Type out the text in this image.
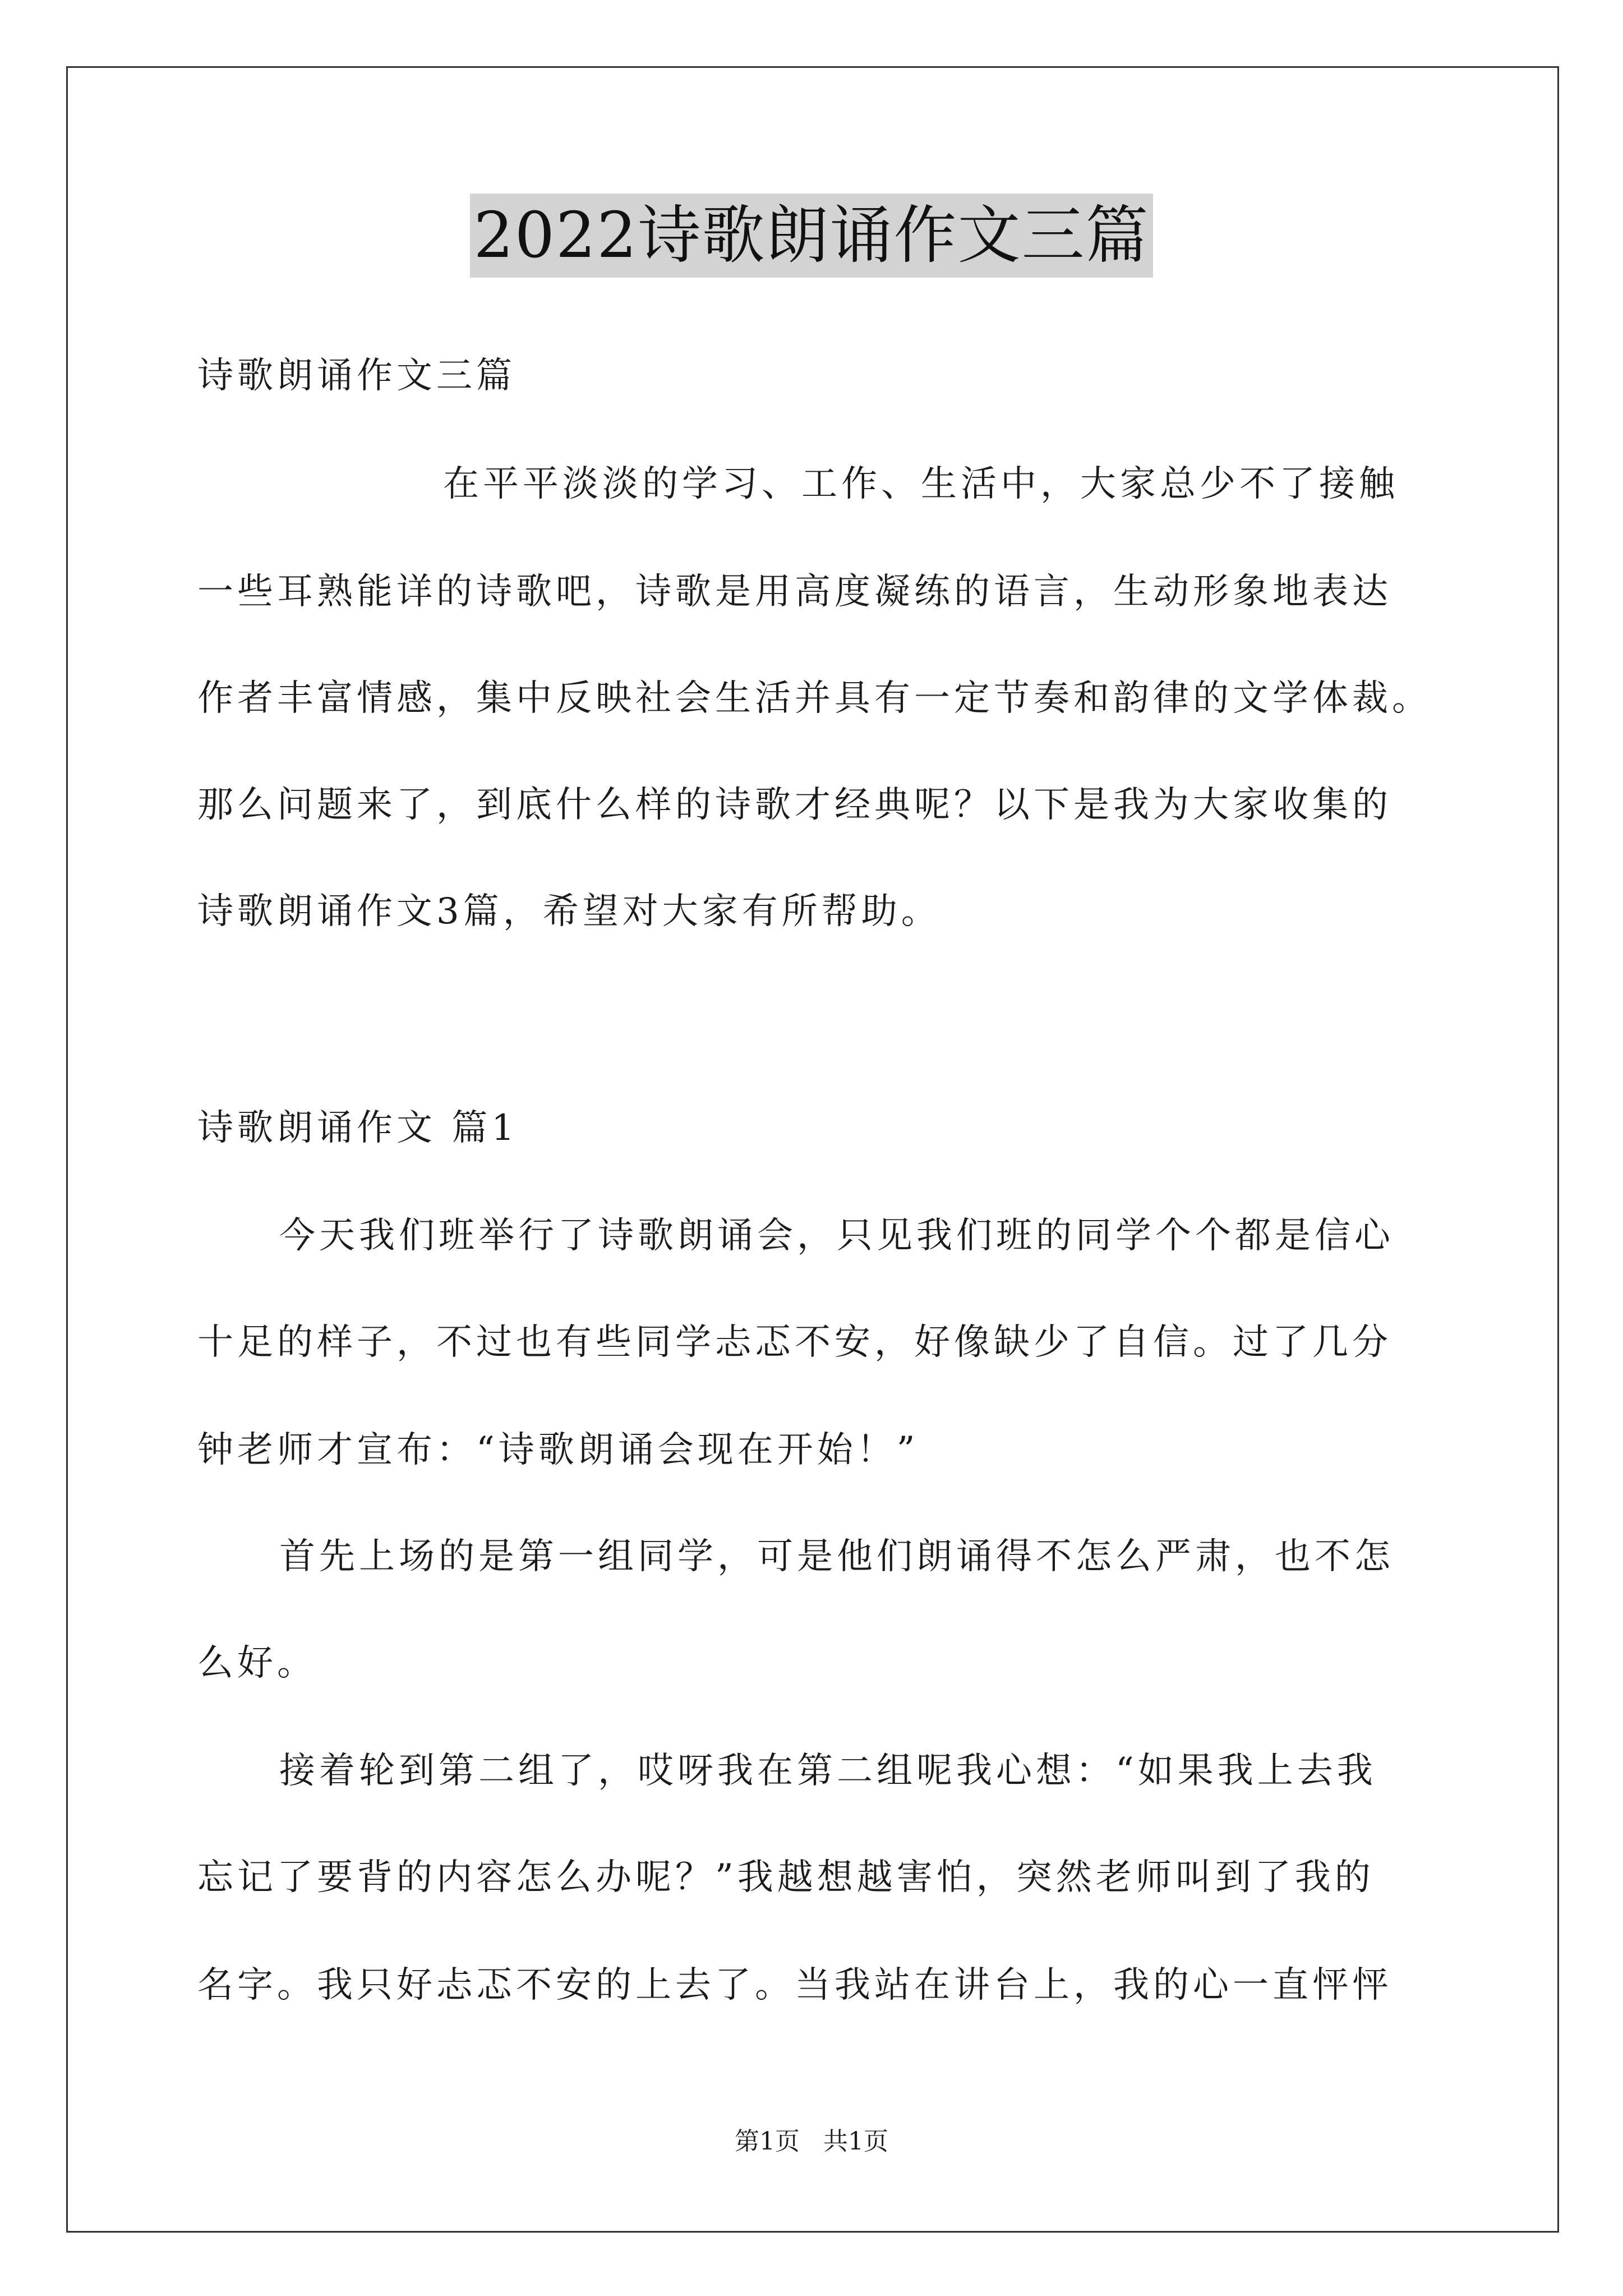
2022诗歌朗诵作文三篇
诗歌朗诵作文三篇
在平平淡淡的学习、工作、生活中，大家总少不了接触
一些耳熟能详的诗歌吧，诗歌是用高度凝练的语言，生动形象地表达
作者丰富情感，集中反映社会生活并具有一定节奏和韵律的文学体裁。
那么问题来了，到底什么样的诗歌才经典呢？以下是我为大家收集的
诗歌朗诵作文3篇，希望对大家有所帮助。
诗歌朗诵作文 篇1
今天我们班举行了诗歌朗诵会，只见我们班的同学个个都是信心
十足的样子，不过也有些同学忐忑不安，好像缺少了自信。过了几分
钟老师才宣布：“诗歌朗诵会现在开始！”
首先上场的是第一组同学，可是他们朗诵得不怎么严肃，也不怎
么好。
接着轮到第二组了，哎呀我在第二组呢我心想：“如果我上去我
忘记了要背的内容怎么办呢？”我越想越害怕，突然老师叫到了我的
名字。我只好忐忑不安的上去了。当我站在讲台上，我的心一直怦怦
第1页   共1页
